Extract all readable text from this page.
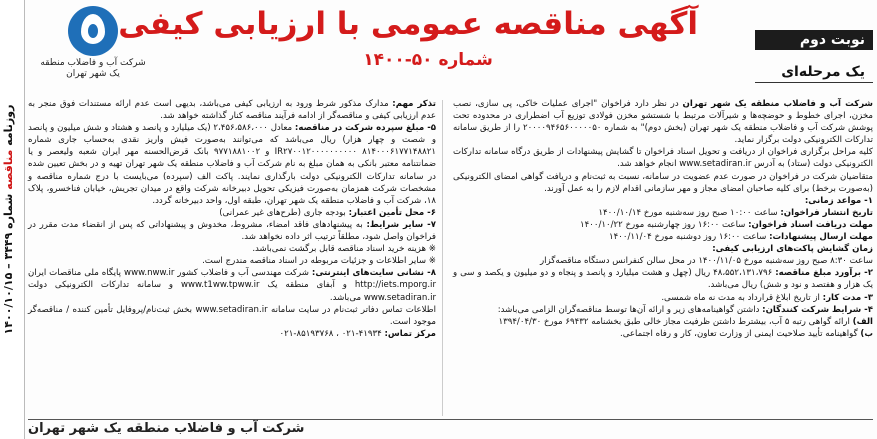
روزنامه مناقصه شماره ۳۴۴۹ – ۱۴۰۰/۱۰/۱۵
شرکت آب و فاضلاب منطقه یک شهر تهران
آگهی مناقصه عمومی با ارزیابی کیفی
شماره ۵۰-۱۴۰۰
نوبت دوم
یک مرحله‌ای

شرکت آب و فاضلاب منطقه یک شهر تهران در نظر دارد فراخوان "اجرای عملیات خاکی، پی سازی، نصب مخزن، اجرای خطوط و حوضچه‌ها و شیرآلات مرتبط با شستشو مخزن فولادی توزیع آب اضطراری در محدوده تحت پوشش شرکت آب و فاضلاب منطقه یک شهر تهران (بخش دوم)" به شماره ۲۰۰۰۰۹۴۶۵۶۰۰۰۰۰۵۰ را از طریق سامانه تدارکات الکترونیکی دولت برگزار نماید.

کلیه مراحل برگزاری فراخوان از دریافت و تحویل اسناد فراخوان تا گشایش پیشنهادات از طریق درگاه سامانه تدارکات الکترونیکی دولت (ستاد) به آدرس www.setadiran.ir انجام خواهد شد.

متقاضیان شرکت در فراخوان در صورت عدم عضویت در سامانه، نسبت به ثبت‌نام و دریافت گواهی امضای الکترونیکی (به‌صورت برخط) برای کلیه صاحبان امضای مجاز و مهر سازمانی اقدام لازم را به عمل آورند.

۱- مواعد زمانی:

تاریخ انتشار فراخوان: ساعت ۱۰:۰۰ صبح روز سه‌شنبه مورخ ۱۴۰۰/۱۰/۱۴

مهلت دریافت اسناد فراخوان: ساعت ۱۶:۰۰ روز چهارشنبه مورخ ۱۴۰۰/۱۰/۲۲

مهلت ارسال پیشنهادات: ساعت ۱۶:۰۰ روز دوشنبه مورخ ۱۴۰۰/۱۱/۰۴

زمان گشایش پاکت‌های ارزیابی کیفی:

ساعت ۸:۳۰ صبح روز سه‌شنبه مورخ ۱۴۰۰/۱۱/۰۵ در محل سالن کنفرانس دستگاه مناقصه‌گزار

۲- برآورد مبلغ مناقصه: ۴۸،۵۵۲،۱۳۱،۷۹۶ ریال (چهل و هشت میلیارد و پانصد و پنجاه و دو میلیون و یکصد و سی و یک هزار و هفتصد و نود و شش) ریال می‌باشد.

۳- مدت کار: از تاریخ ابلاغ قرارداد به مدت نه ماه شمسی.

۴- شرایط شرکت کنندگان: داشتن گواهینامه‌های زیر و ارائه آن‌ها توسط مناقصه‌گران الزامی می‌باشد:

الف) ارائه گواهی رتبه ۵ آب، بیشترط داشتن ظرفیت مجاز خالی طبق بخشنامه ۶۹۴۳۲ مورخ ۱۳۹۴/۰۴/۳۰

ب) گواهینامه تأیید صلاحیت ایمنی از وزارت تعاون، کار و رفاه اجتماعی.

تذکر مهم: مدارک مذکور شرط ورود به ارزیابی کیفی می‌باشد، بدیهی است عدم ارائه مستندات فوق منجر به عدم ارزیابی کیفی و مناقصه‌گر از ادامه فرآیند مناقصه کنار گذاشته خواهد شد.

۵- مبلغ سپرده شرکت در مناقصه: معادل ۲،۴۵۶،۵۸۶،۰۰۰ (یک میلیارد و پانصد و هشتاد و شش میلیون و پانصد و شصت و چهار هزار) ریال می‌باشد که می‌توانند به‌صورت فیش واریز نقدی به‌حساب جاری شماره ۸۱۴۰۰۰۶۱۷۷۱۴۸۸۲۱ IR۲۷۰۰۱۲۰۰۰۰۰۰۰۰۰۰ و ۹۷۷۱۸۸۱۰۰۲ بانک قرض‌الحسنه مهر ایران شعبه ولیعصر و یا ضمانتنامه معتبر بانکی به همان مبلغ به نام شرکت آب و فاضلاب منطقه یک شهر تهران تهیه و در بخش تعیین شده در سامانه تدارکات الکترونیکی دولت بارگذاری نمایند. پاکت الف (سپرده) می‌بایست با درج شماره مناقصه و مشخصات شرکت همزمان به‌صورت فیزیکی تحویل دبیرخانه شرکت واقع در میدان تجریش، خیابان فناخسرو، پلاک ۱۸، شرکت آب و فاضلاب منطقه یک شهر تهران، طبقه اول، واحد دبیرخانه گردد.

۶- محل تأمین اعتبار: بودجه جاری (طرح‌های غیر عمرانی)

۷- سایر شرایط: به پیشنهادهای فاقد امضاء، مشروط، مخدوش و پیشنهاداتی که پس از انقضاء مدت مقرر در فراخوان واصل شود، مطلقاً ترتیب اثر داده نخواهد شد.

※ هزینه خرید اسناد مناقصه قابل برگشت نمی‌باشد.

※ سایر اطلاعات و جزئیات مربوطه در اسناد مناقصه مندرج است.

۸- نشانی سایت‌های اینترنتی: شرکت مهندسی آب و فاضلاب کشور www.nww.ir پایگاه ملی مناقصات ایران http://iets.mporg.ir و آبفای منطقه یک www.t1ww.tpww.ir و سامانه تدارکات الکترونیکی دولت www.setadiran.ir می‌باشد.

اطلاعات تماس دفاتر ثبت‌نام در سایت سامانه www.setadiran.ir بخش ثبت‌نام/پروفایل تأمین کننده / مناقصه‌گر موجود است.

مرکز تماس: ۴۱۹۳۴-۰۲۱ ، ۸۵۱۹۳۷۶۸-۰۲۱

شرکت آب و فاضلاب منطقه یک شهر تهران
